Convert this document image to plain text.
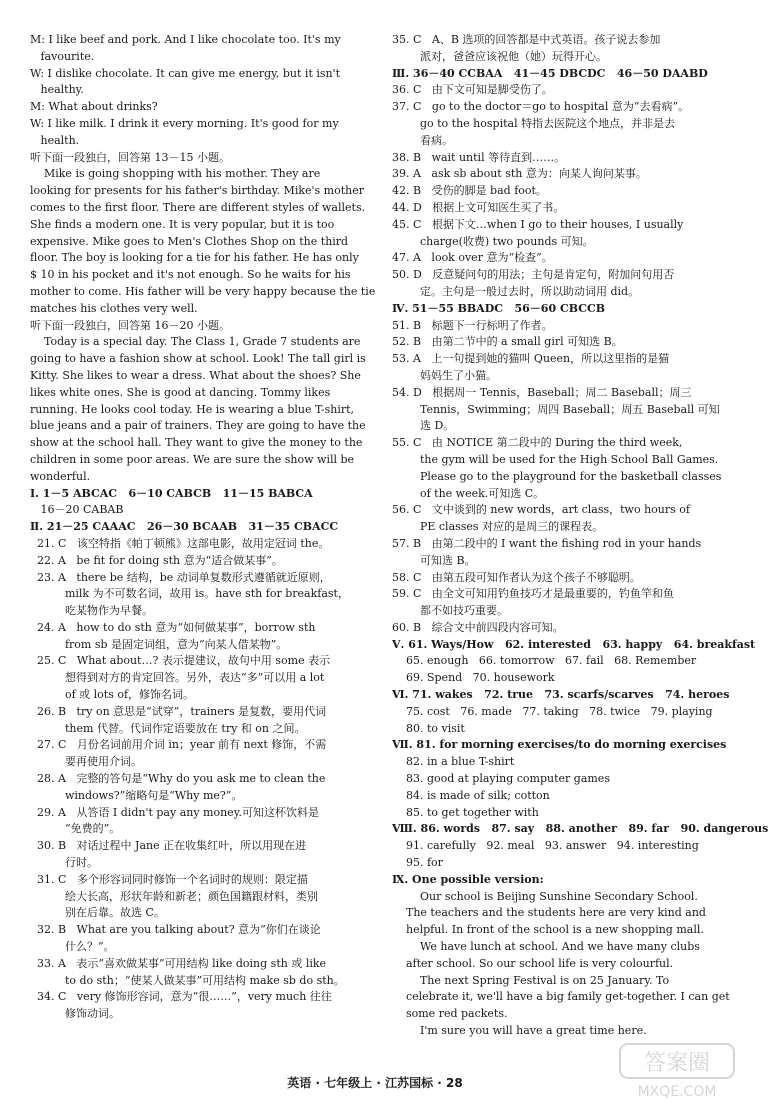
M: I like beef and pork. And I like chocolate too. It's my
favourite.
W: I dislike chocolate. It can give me energy, but it isn't
healthy.
M: What about drinks?
W: I like milk. I drink it every morning. It's good for my
health.
听下面一段独白，回答第 13－15 小题。
Mike is going shopping with his mother. They are
looking for presents for his father's birthday. Mike's mother
comes to the first floor. There are different styles of wallets.
She finds a modern one. It is very popular, but it is too
expensive. Mike goes to Men's Clothes Shop on the third
floor. The boy is looking for a tie for his father. He has only
$ 10 in his pocket and it's not enough. So he waits for his
mother to come. His father will be very happy because the tie
matches his clothes very well.
听下面一段独白，回答第 16－20 小题。
Today is a special day. The Class 1, Grade 7 students are
going to have a fashion show at school. Look! The tall girl is
Kitty. She likes to wear a dress. What about the shoes? She
likes white ones. She is good at dancing. Tommy likes
running. He looks cool today. He is wearing a blue T-shirt,
blue jeans and a pair of trainers. They are going to have the
show at the school hall. They want to give the money to the
children in some poor areas. We are sure the show will be
wonderful.
Ⅰ. 1－5 ABCAC   6－10 CABCB   11－15 BABCA
16－20 CABAB
Ⅱ. 21－25 CAAAC   26－30 BCAAB   31－35 CBACC
21. C   该空特指《帕丁顿熊》这部电影，故用定冠词 the。
22. A   be fit for doing sth 意为“适合做某事”。
23. A   there be 结构，be 动词单复数形式遵循就近原则，
milk 为不可数名词，故用 is。have sth for breakfast，
吃某物作为早餐。
24. A   how to do sth 意为“如何做某事”，borrow sth
from sb 是固定词组，意为“向某人借某物”。
25. C   What about…? 表示提建议，故句中用 some 表示
想得到对方的肯定回答。另外，表达“多”可以用 a lot
of 或 lots of，修饰名词。
26. B   try on 意思是“试穿”，trainers 是复数，要用代词
them 代替。代词作定语要放在 try 和 on 之间。
27. C   月份名词前用介词 in；year 前有 next 修饰，不需
要再使用介词。
28. A   完整的答句是“Why do you ask me to clean the
windows?”缩略句是“Why me?”。
29. A   从答语 I didn't pay any money.可知这杯饮料是
“免费的”。
30. B   对话过程中 Jane 正在收集红叶，所以用现在进
行时。
31. C   多个形容词同时修饰一个名词时的规则：限定描
绘大长高，形状年龄和新老；颜色国籍跟材料，类别
别在后靠。故选 C。
32. B   What are you talking about? 意为“你们在谈论
什么？”。
33. A   表示“喜欢做某事”可用结构 like doing sth 或 like
to do sth；“使某人做某事”可用结构 make sb do sth。
34. C   very 修饰形容词，意为“很……”，very much 往往
修饰动词。
35. C   A、B 选项的回答都是中式英语。孩子说去参加
派对，爸爸应该祝他（她）玩得开心。
Ⅲ. 36－40 CCBAA   41－45 DBCDC   46－50 DAABD
36. C   由下文可知是脚受伤了。
37. C   go to the doctor＝go to hospital 意为“去看病”。
go to the hospital 特指去医院这个地点，并非是去
看病。
38. B   wait until 等待直到……。
39. A   ask sb about sth 意为：向某人询问某事。
42. B   受伤的脚是 bad foot。
44. D   根据上文可知医生买了书。
45. C   根据下文…when I go to their houses, I usually
charge(收费) two pounds 可知。
47. A   look over 意为“检查”。
50. D   反意疑问句的用法；主句是肯定句，附加问句用否
定。主句是一般过去时，所以助动词用 did。
Ⅳ. 51－55 BBADC   56－60 CBCCB
51. B   标题下一行标明了作者。
52. B   由第二节中的 a small girl 可知选 B。
53. A   上一句提到她的猫叫 Queen，所以这里指的是猫
妈妈生了小猫。
54. D   根据周一 Tennis，Baseball；周二 Baseball；周三
Tennis，Swimming；周四 Baseball；周五 Baseball 可知
选 D。
55. C   由 NOTICE 第二段中的 During the third week,
the gym will be used for the High School Ball Games.
Please go to the playground for the basketball classes
of the week.可知选 C。
56. C   文中谈到的 new words，art class，two hours of
PE classes 对应的是周三的课程表。
57. B   由第二段中的 I want the fishing rod in your hands
可知选 B。
58. C   由第五段可知作者认为这个孩子不够聪明。
59. C   由全文可知用钓鱼技巧才是最重要的，钓鱼竿和鱼
都不如技巧重要。
60. B   综合文中前四段内容可知。
Ⅴ. 61. Ways/How   62. interested   63. happy   64. breakfast
65. enough   66. tomorrow   67. fail   68. Remember
69. Spend   70. housework
Ⅵ. 71. wakes   72. true   73. scarfs/scarves   74. heroes
75. cost   76. made   77. taking   78. twice   79. playing
80. to visit
Ⅶ. 81. for morning exercises/to do morning exercises
82. in a blue T-shirt
83. good at playing computer games
84. is made of silk; cotton
85. to get together with
Ⅷ. 86. words   87. say   88. another   89. far   90. dangerous
91. carefully   92. meal   93. answer   94. interesting
95. for
Ⅸ. One possible version:
Our school is Beijing Sunshine Secondary School.
The teachers and the students here are very kind and
helpful. In front of the school is a new shopping mall.
We have lunch at school. And we have many clubs
after school. So our school life is very colourful.
The next Spring Festival is on 25 January. To
celebrate it, we'll have a big family get-together. I can get
some red packets.
I'm sure you will have a great time here.
英语 · 七年级上 · 江苏国标 · 28
答案圈
MXQE.COM
